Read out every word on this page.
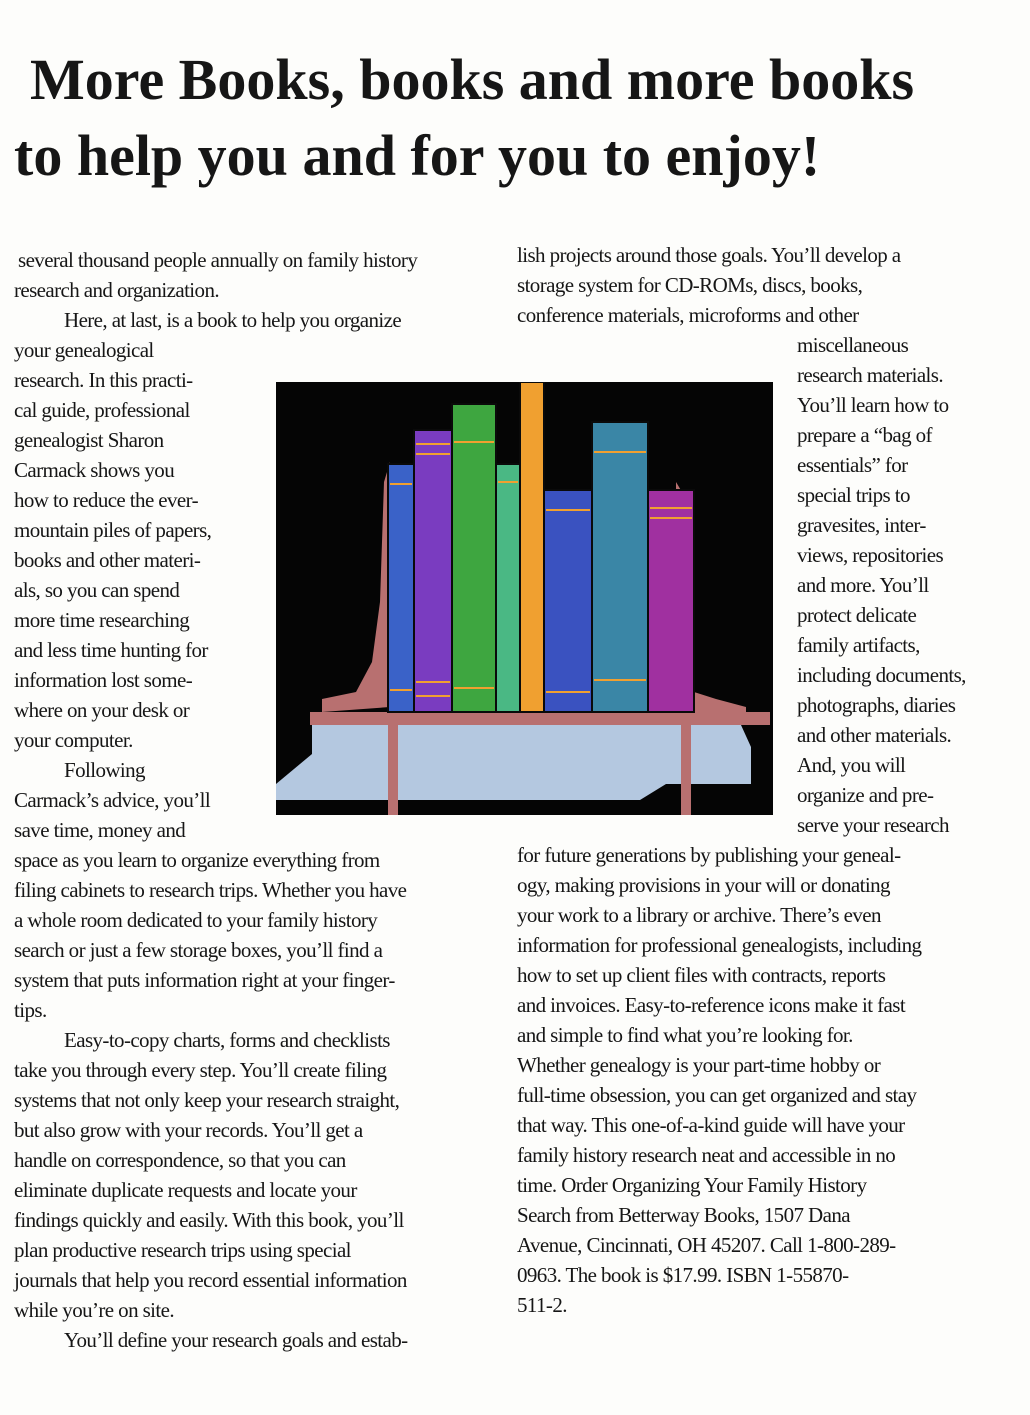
More Books, books and more books
to help you and for you to enjoy!
several thousand people annually on family history
research and organization.
Here, at last, is a book to help you organize
your genealogical
research. In this practi-
cal guide, professional
genealogist Sharon
Carmack shows you
how to reduce the ever-
mountain piles of papers,
books and other materi-
als, so you can spend
more time researching
and less time hunting for
information lost some-
where on your desk or
your computer.
Following
Carmack’s advice, you’ll
save time, money and
space as you learn to organize everything from
filing cabinets to research trips. Whether you have
a whole room dedicated to your family history
search or just a few storage boxes, you’ll find a
system that puts information right at your finger-
tips.
Easy-to-copy charts, forms and checklists
take you through every step. You’ll create filing
systems that not only keep your research straight,
but also grow with your records. You’ll get a
handle on correspondence, so that you can
eliminate duplicate requests and locate your
findings quickly and easily. With this book, you’ll
plan productive research trips using special
journals that help you record essential information
while you’re on site.
You’ll define your research goals and estab-
lish projects around those goals. You’ll develop a
storage system for CD-ROMs, discs, books,
conference materials, microforms and other
miscellaneous
research materials.
You’ll learn how to
prepare a “bag of
essentials” for
special trips to
gravesites, inter-
views, repositories
and more. You’ll
protect delicate
family artifacts,
including documents,
photographs, diaries
and other materials.
And, you will
organize and pre-
serve your research
for future generations by publishing your geneal-
ogy, making provisions in your will or donating
your work to a library or archive. There’s even
information for professional genealogists, including
how to set up client files with contracts, reports
and invoices. Easy-to-reference icons make it fast
and simple to find what you’re looking for.
Whether genealogy is your part-time hobby or
full-time obsession, you can get organized and stay
that way. This one-of-a-kind guide will have your
family history research neat and accessible in no
time. Order Organizing Your Family History
Search from Betterway Books, 1507 Dana
Avenue, Cincinnati, OH 45207. Call 1-800-289-
0963. The book is $17.99. ISBN 1-55870-
511-2.
